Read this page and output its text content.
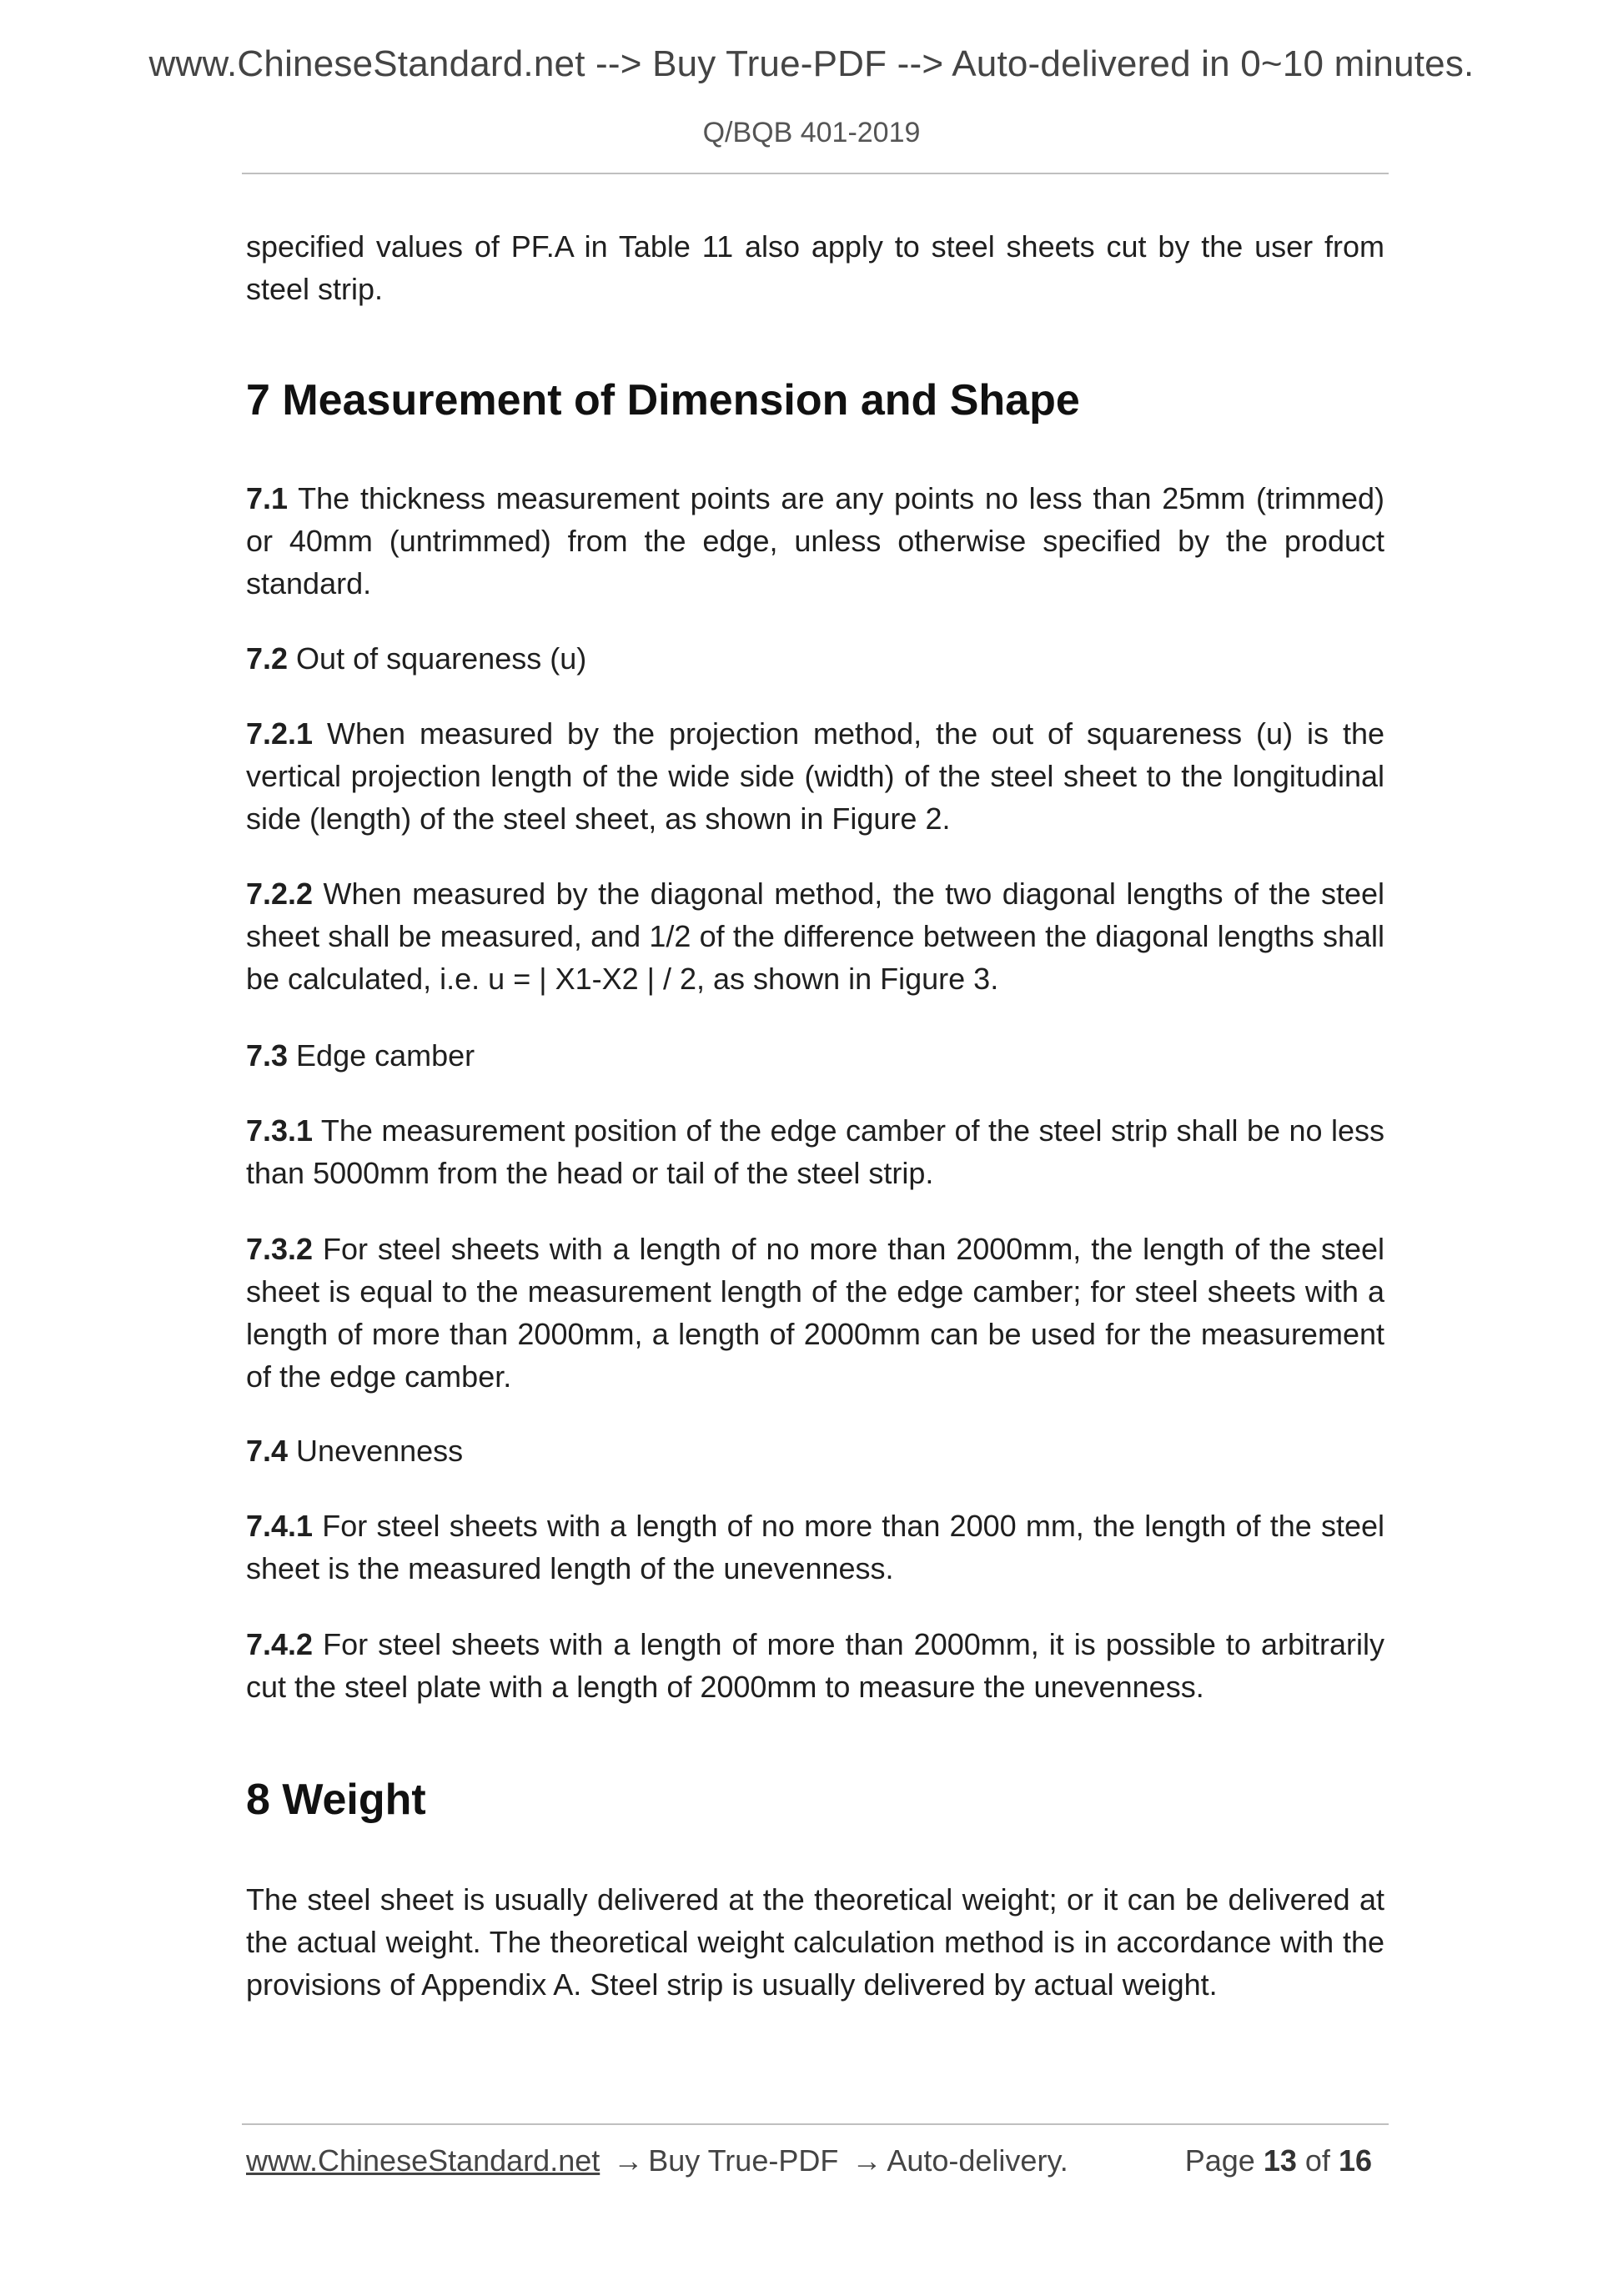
www.ChineseStandard.net --> Buy True-PDF --> Auto-delivered in 0~10 minutes.
Q/BQB 401-2019
specified values of PF.A in Table 11 also apply to steel sheets cut by the user from steel strip.
7 Measurement of Dimension and Shape
7.1 The thickness measurement points are any points no less than 25mm (trimmed) or 40mm (untrimmed) from the edge, unless otherwise specified by the product standard.
7.2 Out of squareness (u)
7.2.1 When measured by the projection method, the out of squareness (u) is the vertical projection length of the wide side (width) of the steel sheet to the longitudinal side (length) of the steel sheet, as shown in Figure 2.
7.2.2 When measured by the diagonal method, the two diagonal lengths of the steel sheet shall be measured, and 1/2 of the difference between the diagonal lengths shall be calculated, i.e. u = | X1-X2 | / 2, as shown in Figure 3.
7.3 Edge camber
7.3.1 The measurement position of the edge camber of the steel strip shall be no less than 5000mm from the head or tail of the steel strip.
7.3.2 For steel sheets with a length of no more than 2000mm, the length of the steel sheet is equal to the measurement length of the edge camber; for steel sheets with a length of more than 2000mm, a length of 2000mm can be used for the measurement of the edge camber.
7.4 Unevenness
7.4.1 For steel sheets with a length of no more than 2000 mm, the length of the steel sheet is the measured length of the unevenness.
7.4.2 For steel sheets with a length of more than 2000mm, it is possible to arbitrarily cut the steel plate with a length of 2000mm to measure the unevenness.
8 Weight
The steel sheet is usually delivered at the theoretical weight; or it can be delivered at the actual weight. The theoretical weight calculation method is in accordance with the provisions of Appendix A. Steel strip is usually delivered by actual weight.
www.ChineseStandard.net → Buy True-PDF → Auto-delivery.	Page 13 of 16
